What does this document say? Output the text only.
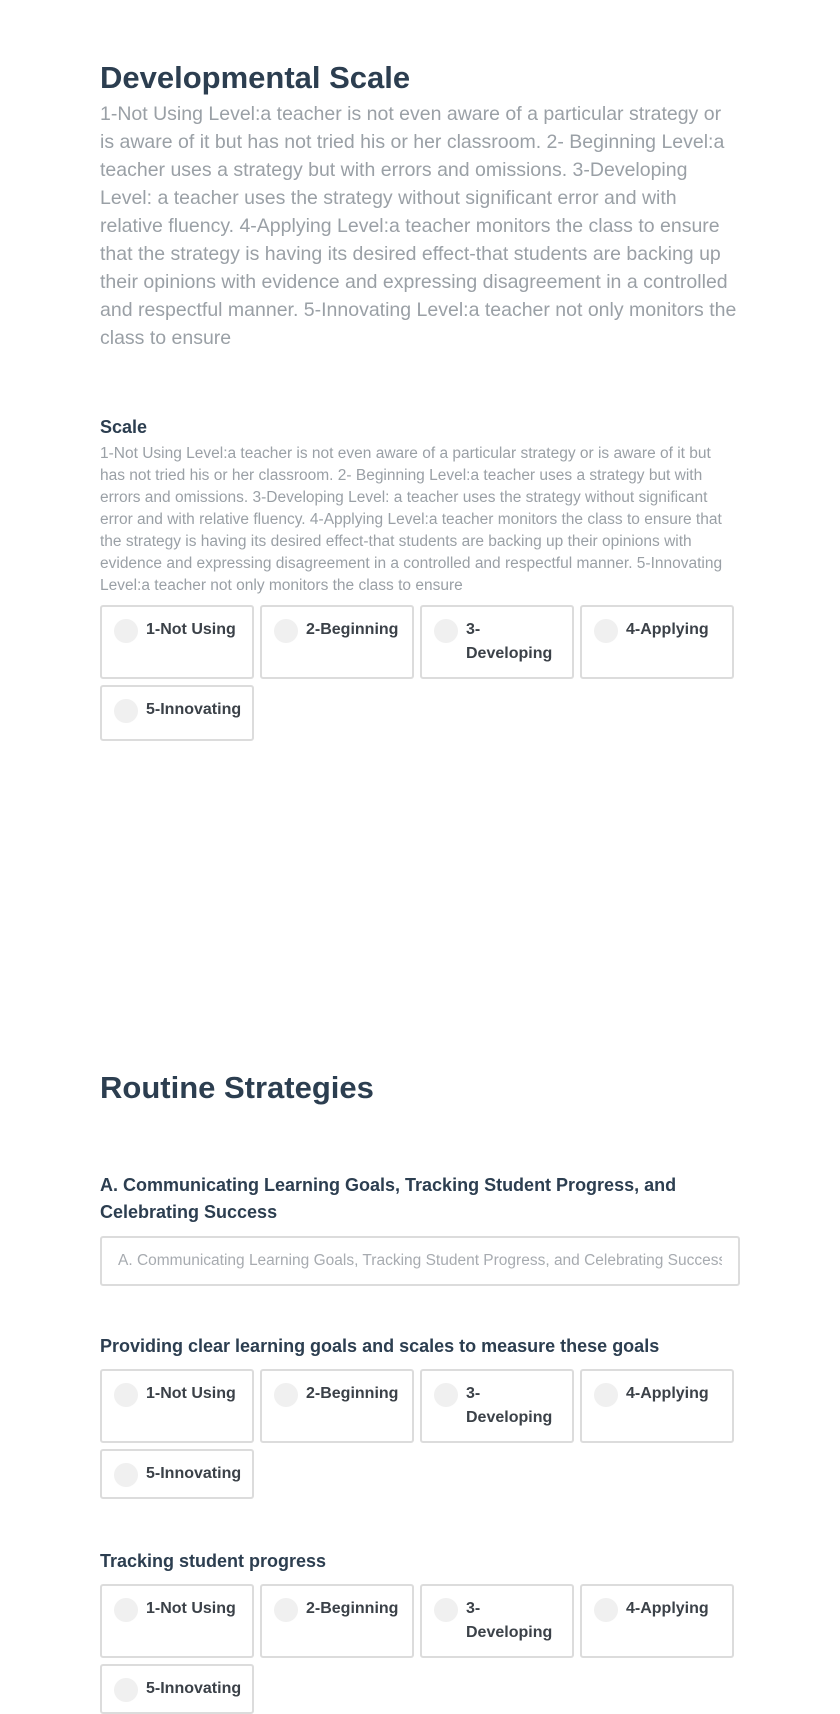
Developmental Scale

1-Not Using Level:a teacher is not even aware of a particular strategy or is aware of it but has not tried his or her classroom. 2- Beginning Level:a teacher uses a strategy but with errors and omissions. 3-Developing Level: a teacher uses the strategy without significant error and with relative fluency. 4-Applying Level:a teacher monitors the class to ensure that the strategy is having its desired effect-that students are backing up their opinions with evidence and expressing disagreement in a controlled and respectful manner. 5-Innovating Level:a teacher not only monitors the class to ensure

Scale

1-Not Using Level:a teacher is not even aware of a particular strategy or is aware of it but has not tried his or her classroom. 2- Beginning Level:a teacher uses a strategy but with errors and omissions. 3-Developing Level: a teacher uses the strategy without significant error and with relative fluency. 4-Applying Level:a teacher monitors the class to ensure that the strategy is having its desired effect-that students are backing up their opinions with evidence and expressing disagreement in a controlled and respectful manner. 5-Innovating Level:a teacher not only monitors the class to ensure

1-Not Using	2-Beginning	3-Developing
4-Applying
5-Innovating
Routine Strategies
A. Communicating Learning Goals, Tracking Student Progress, and Celebrating Success
A. Communicating Learning Goals, Tracking Student Progress, and Celebrating Success
Providing clear learning goals and scales to measure these goals
1-Not Using	2-Beginning	3-Developing
4-Applying
5-Innovating
Tracking student progress
1-Not Using	2-Beginning	3-Developing
4-Applying
5-Innovating
